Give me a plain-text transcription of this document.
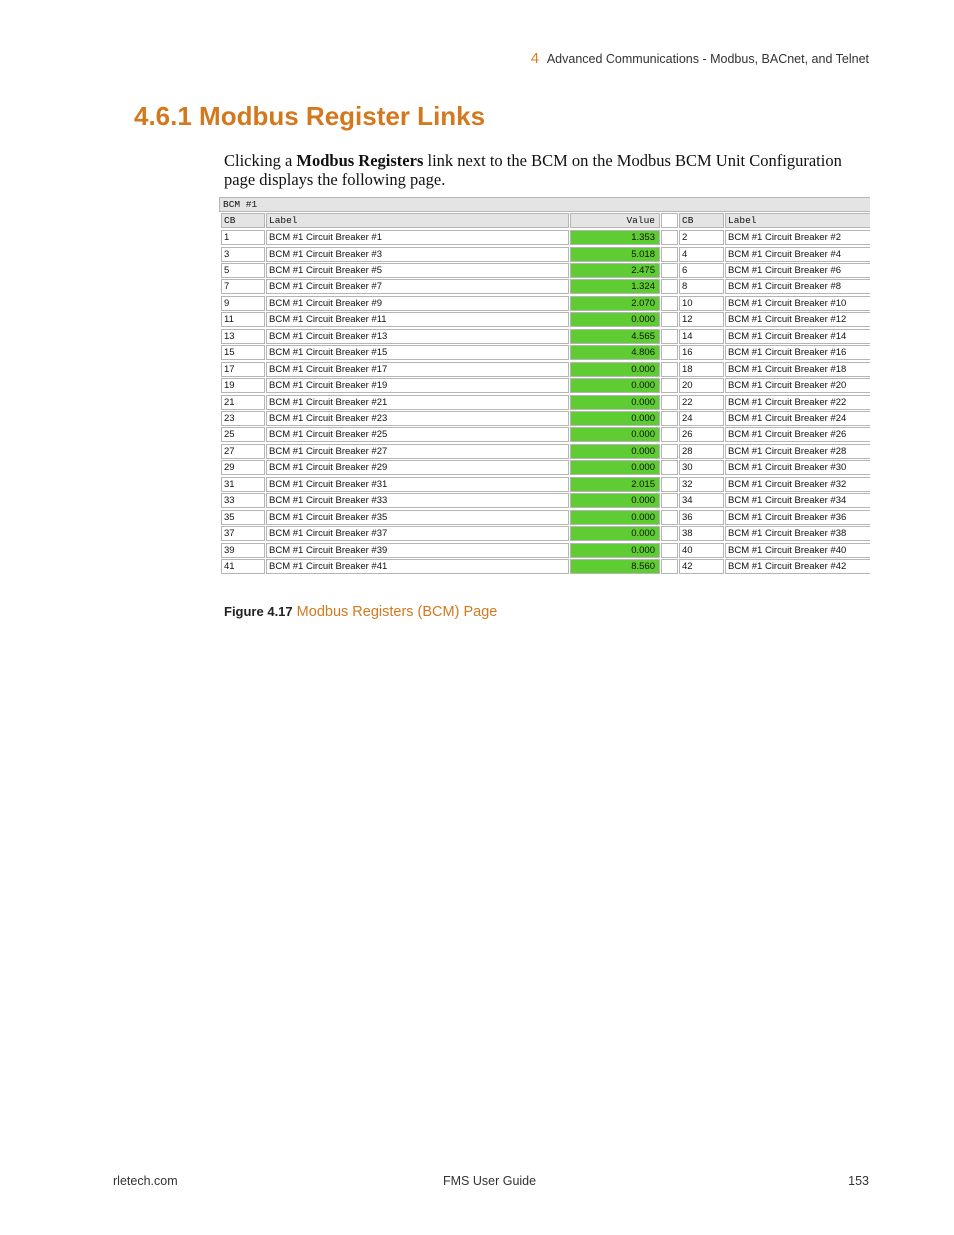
4 Advanced Communications - Modbus, BACnet, and Telnet
4.6.1 Modbus Register Links

Clicking a Modbus Registers link next to the BCM on the Modbus BCM Unit Configuration page displays the following page.

BCM #1
CB	Label	Value	CB	Label
1	BCM #1 Circuit Breaker #1	1.353	2	BCM #1 Circuit Breaker #2
3	BCM #1 Circuit Breaker #3	5.018	4	BCM #1 Circuit Breaker #4
5	BCM #1 Circuit Breaker #5	2.475	6	BCM #1 Circuit Breaker #6
7	BCM #1 Circuit Breaker #7	1.324	8	BCM #1 Circuit Breaker #8
9	BCM #1 Circuit Breaker #9	2.070	10	BCM #1 Circuit Breaker #10
11	BCM #1 Circuit Breaker #11	0.000	12	BCM #1 Circuit Breaker #12
13	BCM #1 Circuit Breaker #13	4.565	14	BCM #1 Circuit Breaker #14
15	BCM #1 Circuit Breaker #15	4.806	16	BCM #1 Circuit Breaker #16
17	BCM #1 Circuit Breaker #17	0.000	18	BCM #1 Circuit Breaker #18
19	BCM #1 Circuit Breaker #19	0.000	20	BCM #1 Circuit Breaker #20
21	BCM #1 Circuit Breaker #21	0.000	22	BCM #1 Circuit Breaker #22
23	BCM #1 Circuit Breaker #23	0.000	24	BCM #1 Circuit Breaker #24
25	BCM #1 Circuit Breaker #25	0.000	26	BCM #1 Circuit Breaker #26
27	BCM #1 Circuit Breaker #27	0.000	28	BCM #1 Circuit Breaker #28
29	BCM #1 Circuit Breaker #29	0.000	30	BCM #1 Circuit Breaker #30
31	BCM #1 Circuit Breaker #31	2.015	32	BCM #1 Circuit Breaker #32
33	BCM #1 Circuit Breaker #33	0.000	34	BCM #1 Circuit Breaker #34
35	BCM #1 Circuit Breaker #35	0.000	36	BCM #1 Circuit Breaker #36
37	BCM #1 Circuit Breaker #37	0.000	38	BCM #1 Circuit Breaker #38
39	BCM #1 Circuit Breaker #39	0.000	40	BCM #1 Circuit Breaker #40
41	BCM #1 Circuit Breaker #41	8.560	42	BCM #1 Circuit Breaker #42

Figure 4.17 Modbus Registers (BCM) Page

rletech.com	FMS User Guide	153
